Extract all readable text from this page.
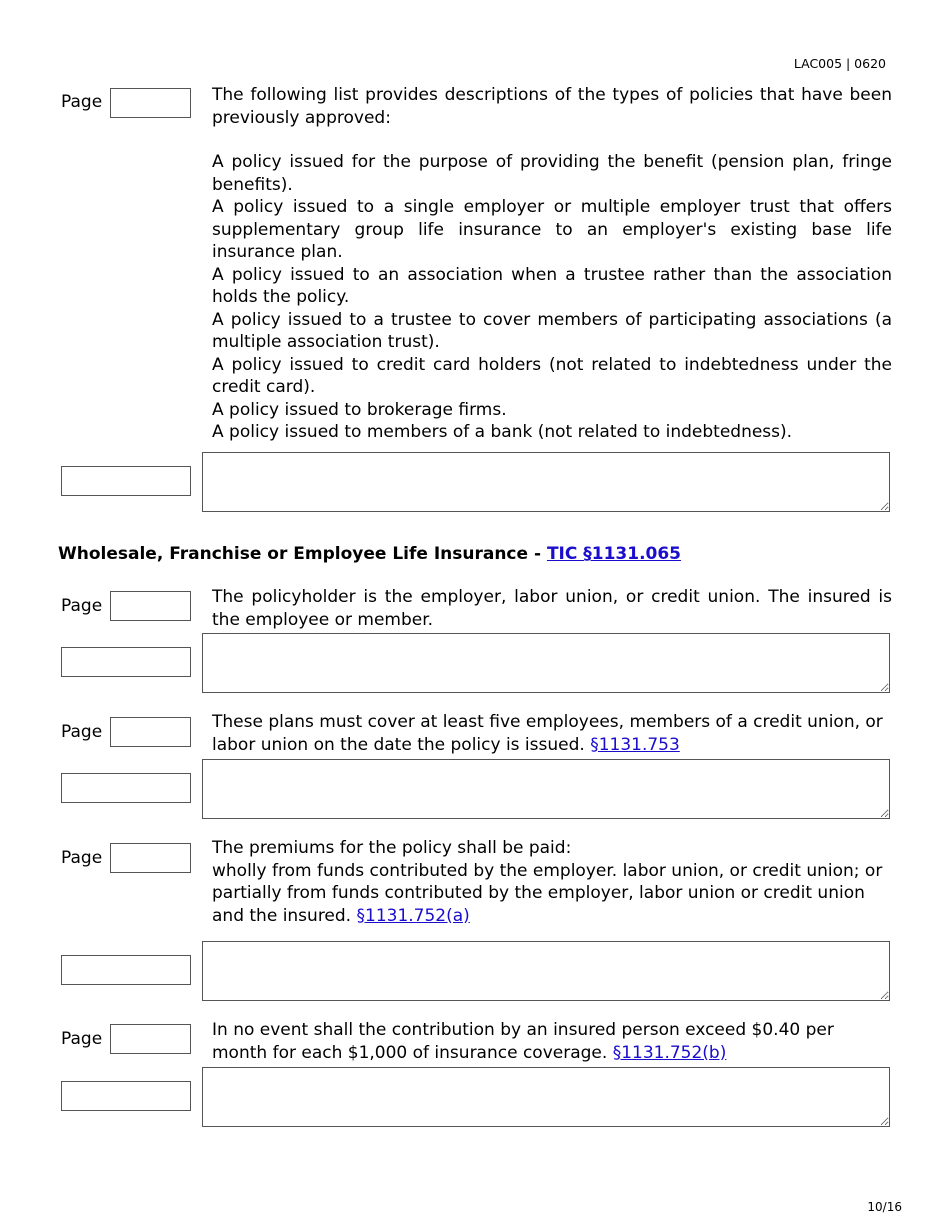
LAC005 | 0620
10/16
Page	The following list provides descriptions of the types of policies that have been previously approved:

A policy issued for the purpose of providing the benefit (pension plan, fringe benefits).

A policy issued to a single employer or multiple employer trust that offers supplementary group life insurance to an employer's existing base life insurance plan.

A policy issued to an association when a trustee rather than the association holds the policy.

A policy issued to a trustee to cover members of participating associations (a multiple association trust).

A policy issued to credit card holders (not related to indebtedness under the credit card).

A policy issued to brokerage firms.

A policy issued to members of a bank (not related to indebtedness).

Wholesale, Franchise or Employee Life Insurance - TIC §1131.065
Page	The policyholder is the employer, labor union, or credit union. The insured is the employee or member.
Page	These plans must cover at least five employees, members of a credit union, or labor union on the date the policy is issued. §1131.753
Page	The premiums for the policy shall be paid:

wholly from funds contributed by the employer. labor union, or credit union; or partially from funds contributed by the employer, labor union or credit union and the insured. §1131.752(a)

Page	In no event shall the contribution by an insured person exceed $0.40 per month for each $1,000 of insurance coverage. §1131.752(b)
